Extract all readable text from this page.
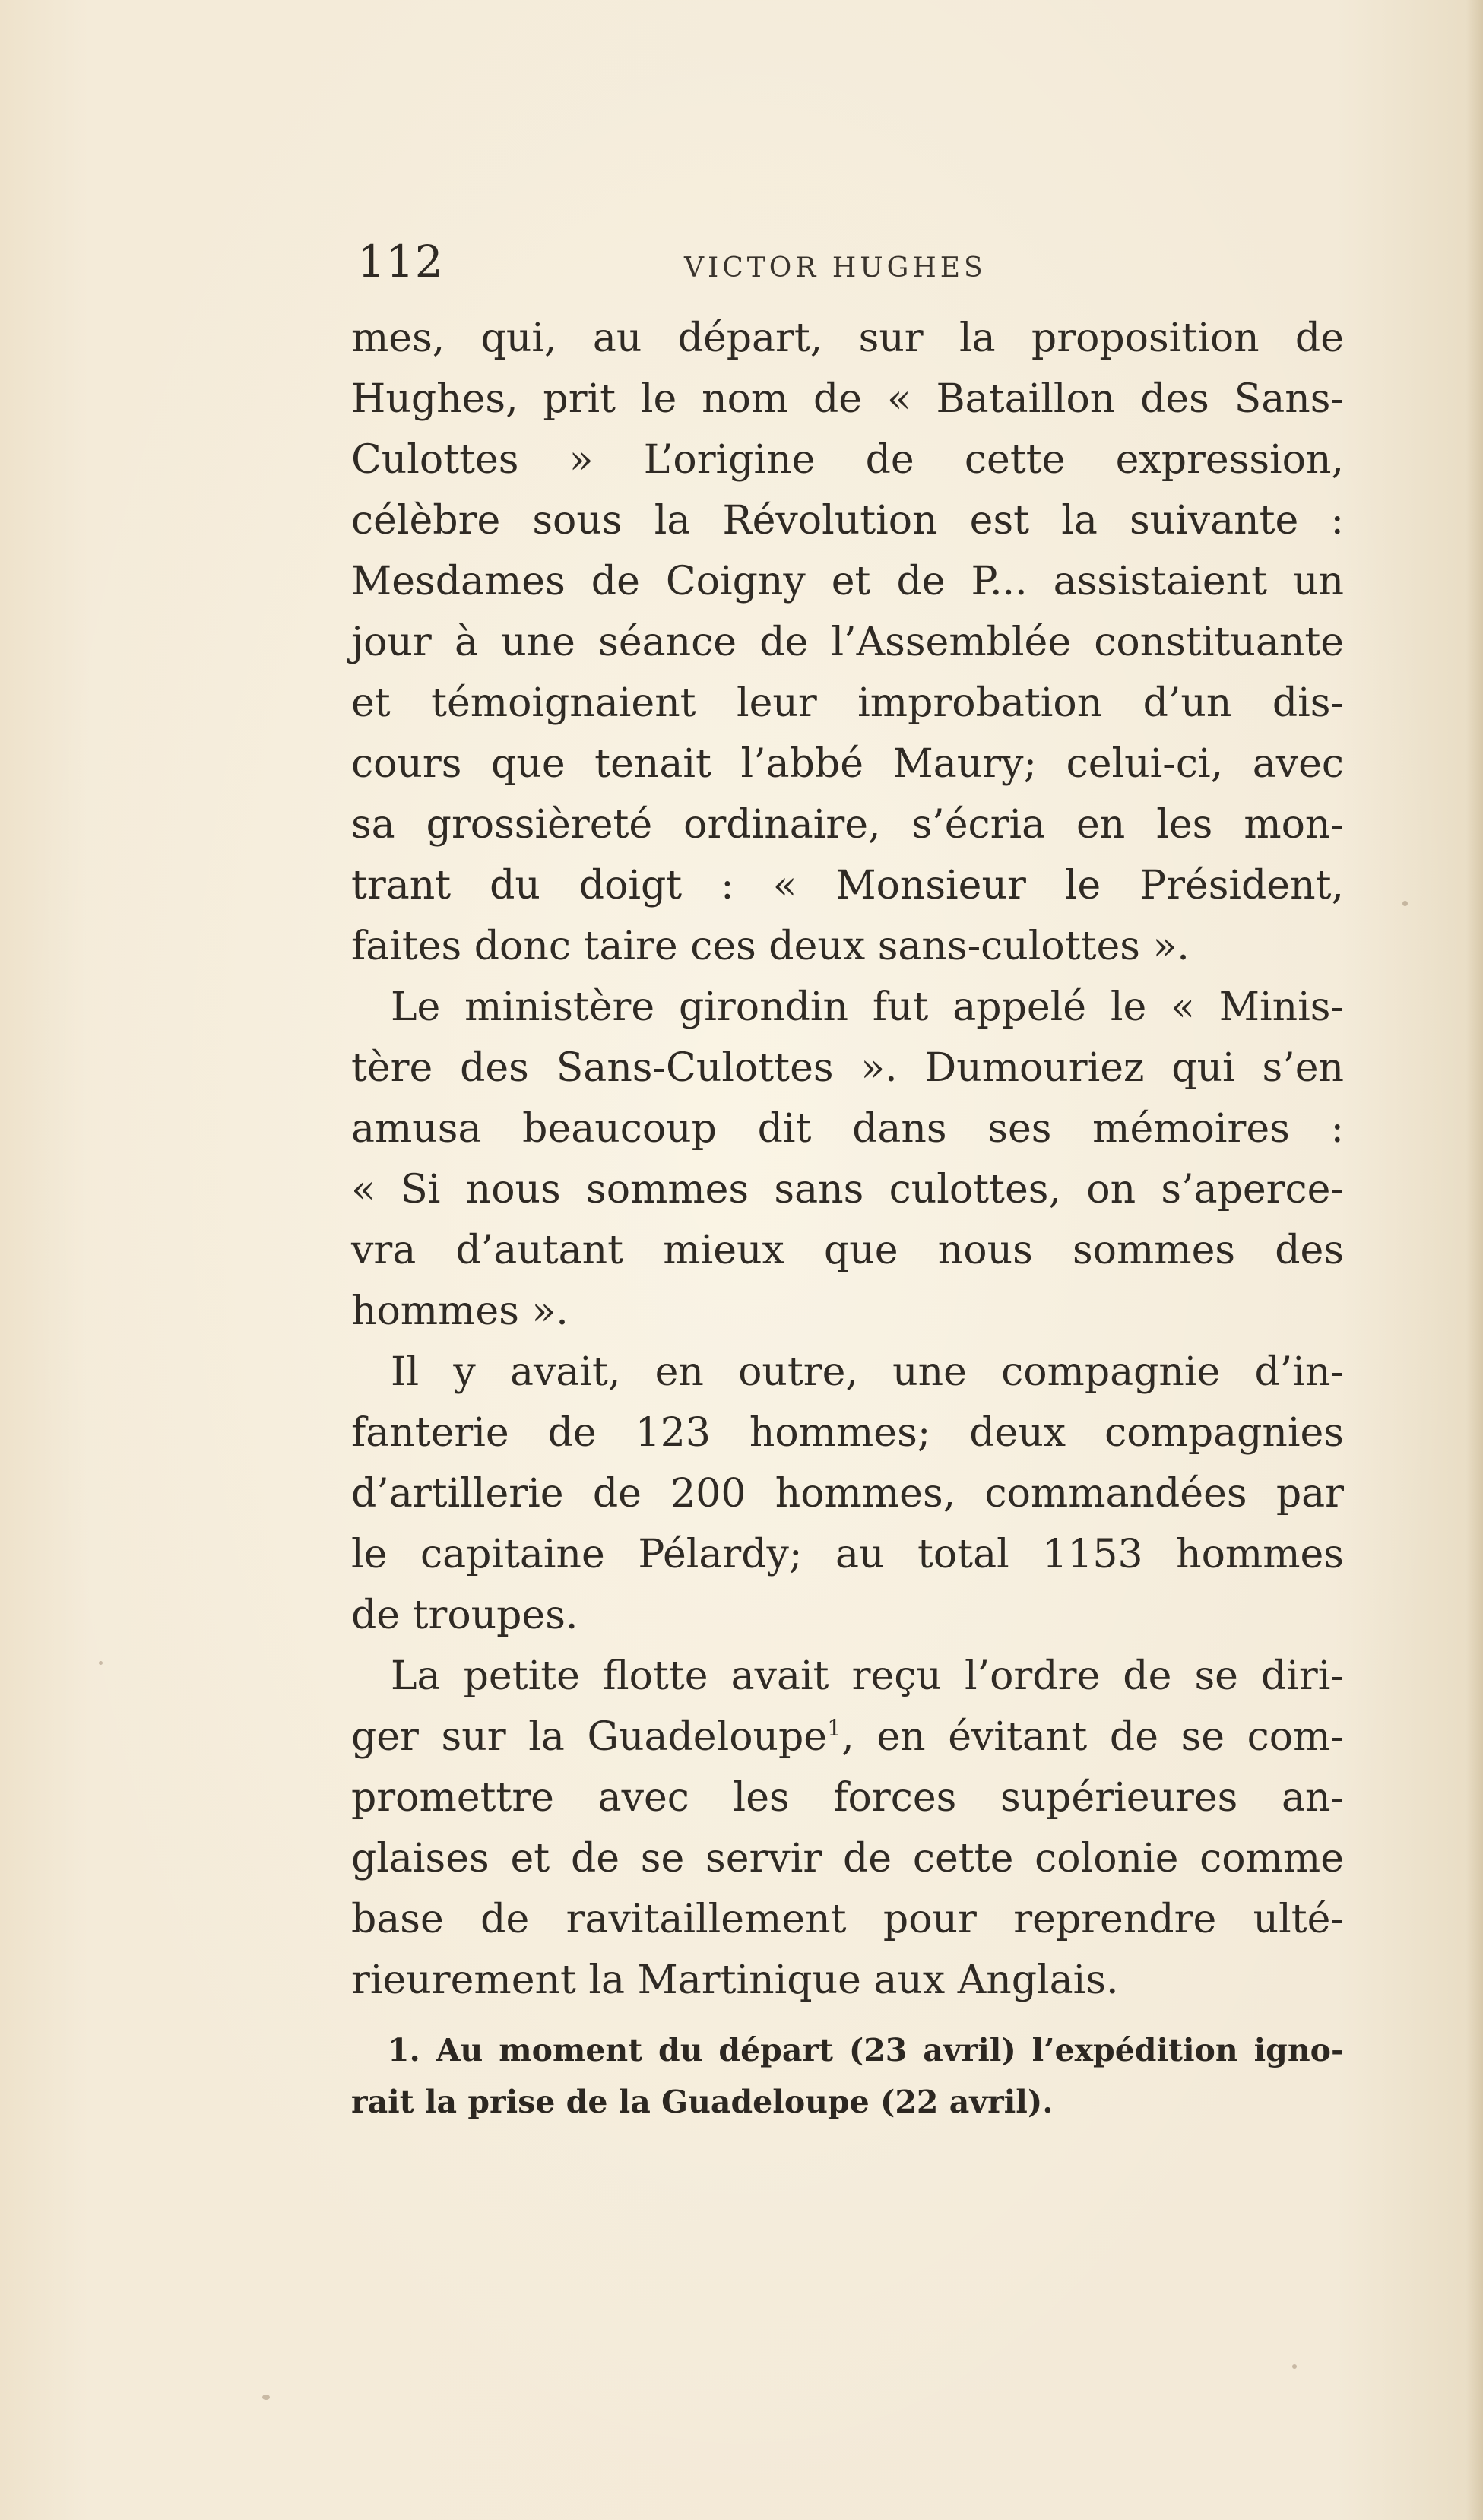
112	VICTOR HUGHES
mes, qui, au départ, sur la proposition de
Hughes, prit le nom de « Bataillon des Sans-
Culottes » L’origine de cette expression,
célèbre sous la Révolution est la suivante :
Mesdames de Coigny et de P... assistaient un
jour à une séance de l’Assemblée constituante
et témoignaient leur improbation d’un dis-
cours que tenait l’abbé Maury; celui-ci, avec
sa grossièreté ordinaire, s’écria en les mon-
trant du doigt : « Monsieur le Président,
faites donc taire ces deux sans-culottes ».
Le ministère girondin fut appelé le « Minis-
tère des Sans-Culottes ». Dumouriez qui s’en
amusa beaucoup dit dans ses mémoires :
« Si nous sommes sans culottes, on s’aperce-
vra d’autant mieux que nous sommes des
hommes ».
Il y avait, en outre, une compagnie d’in-
fanterie de 123 hommes; deux compagnies
d’artillerie de 200 hommes, commandées par
le capitaine Pélardy; au total 1153 hommes
de troupes.
La petite flotte avait reçu l’ordre de se diri-
ger sur la Guadeloupe$^1$, en évitant de se com-
promettre avec les forces supérieures an-
glaises et de se servir de cette colonie comme
base de ravitaillement pour reprendre ulté-
rieurement la Martinique aux Anglais.
1. Au moment du départ (23 avril) l’expédition igno-
rait la prise de la Guadeloupe (22 avril).
